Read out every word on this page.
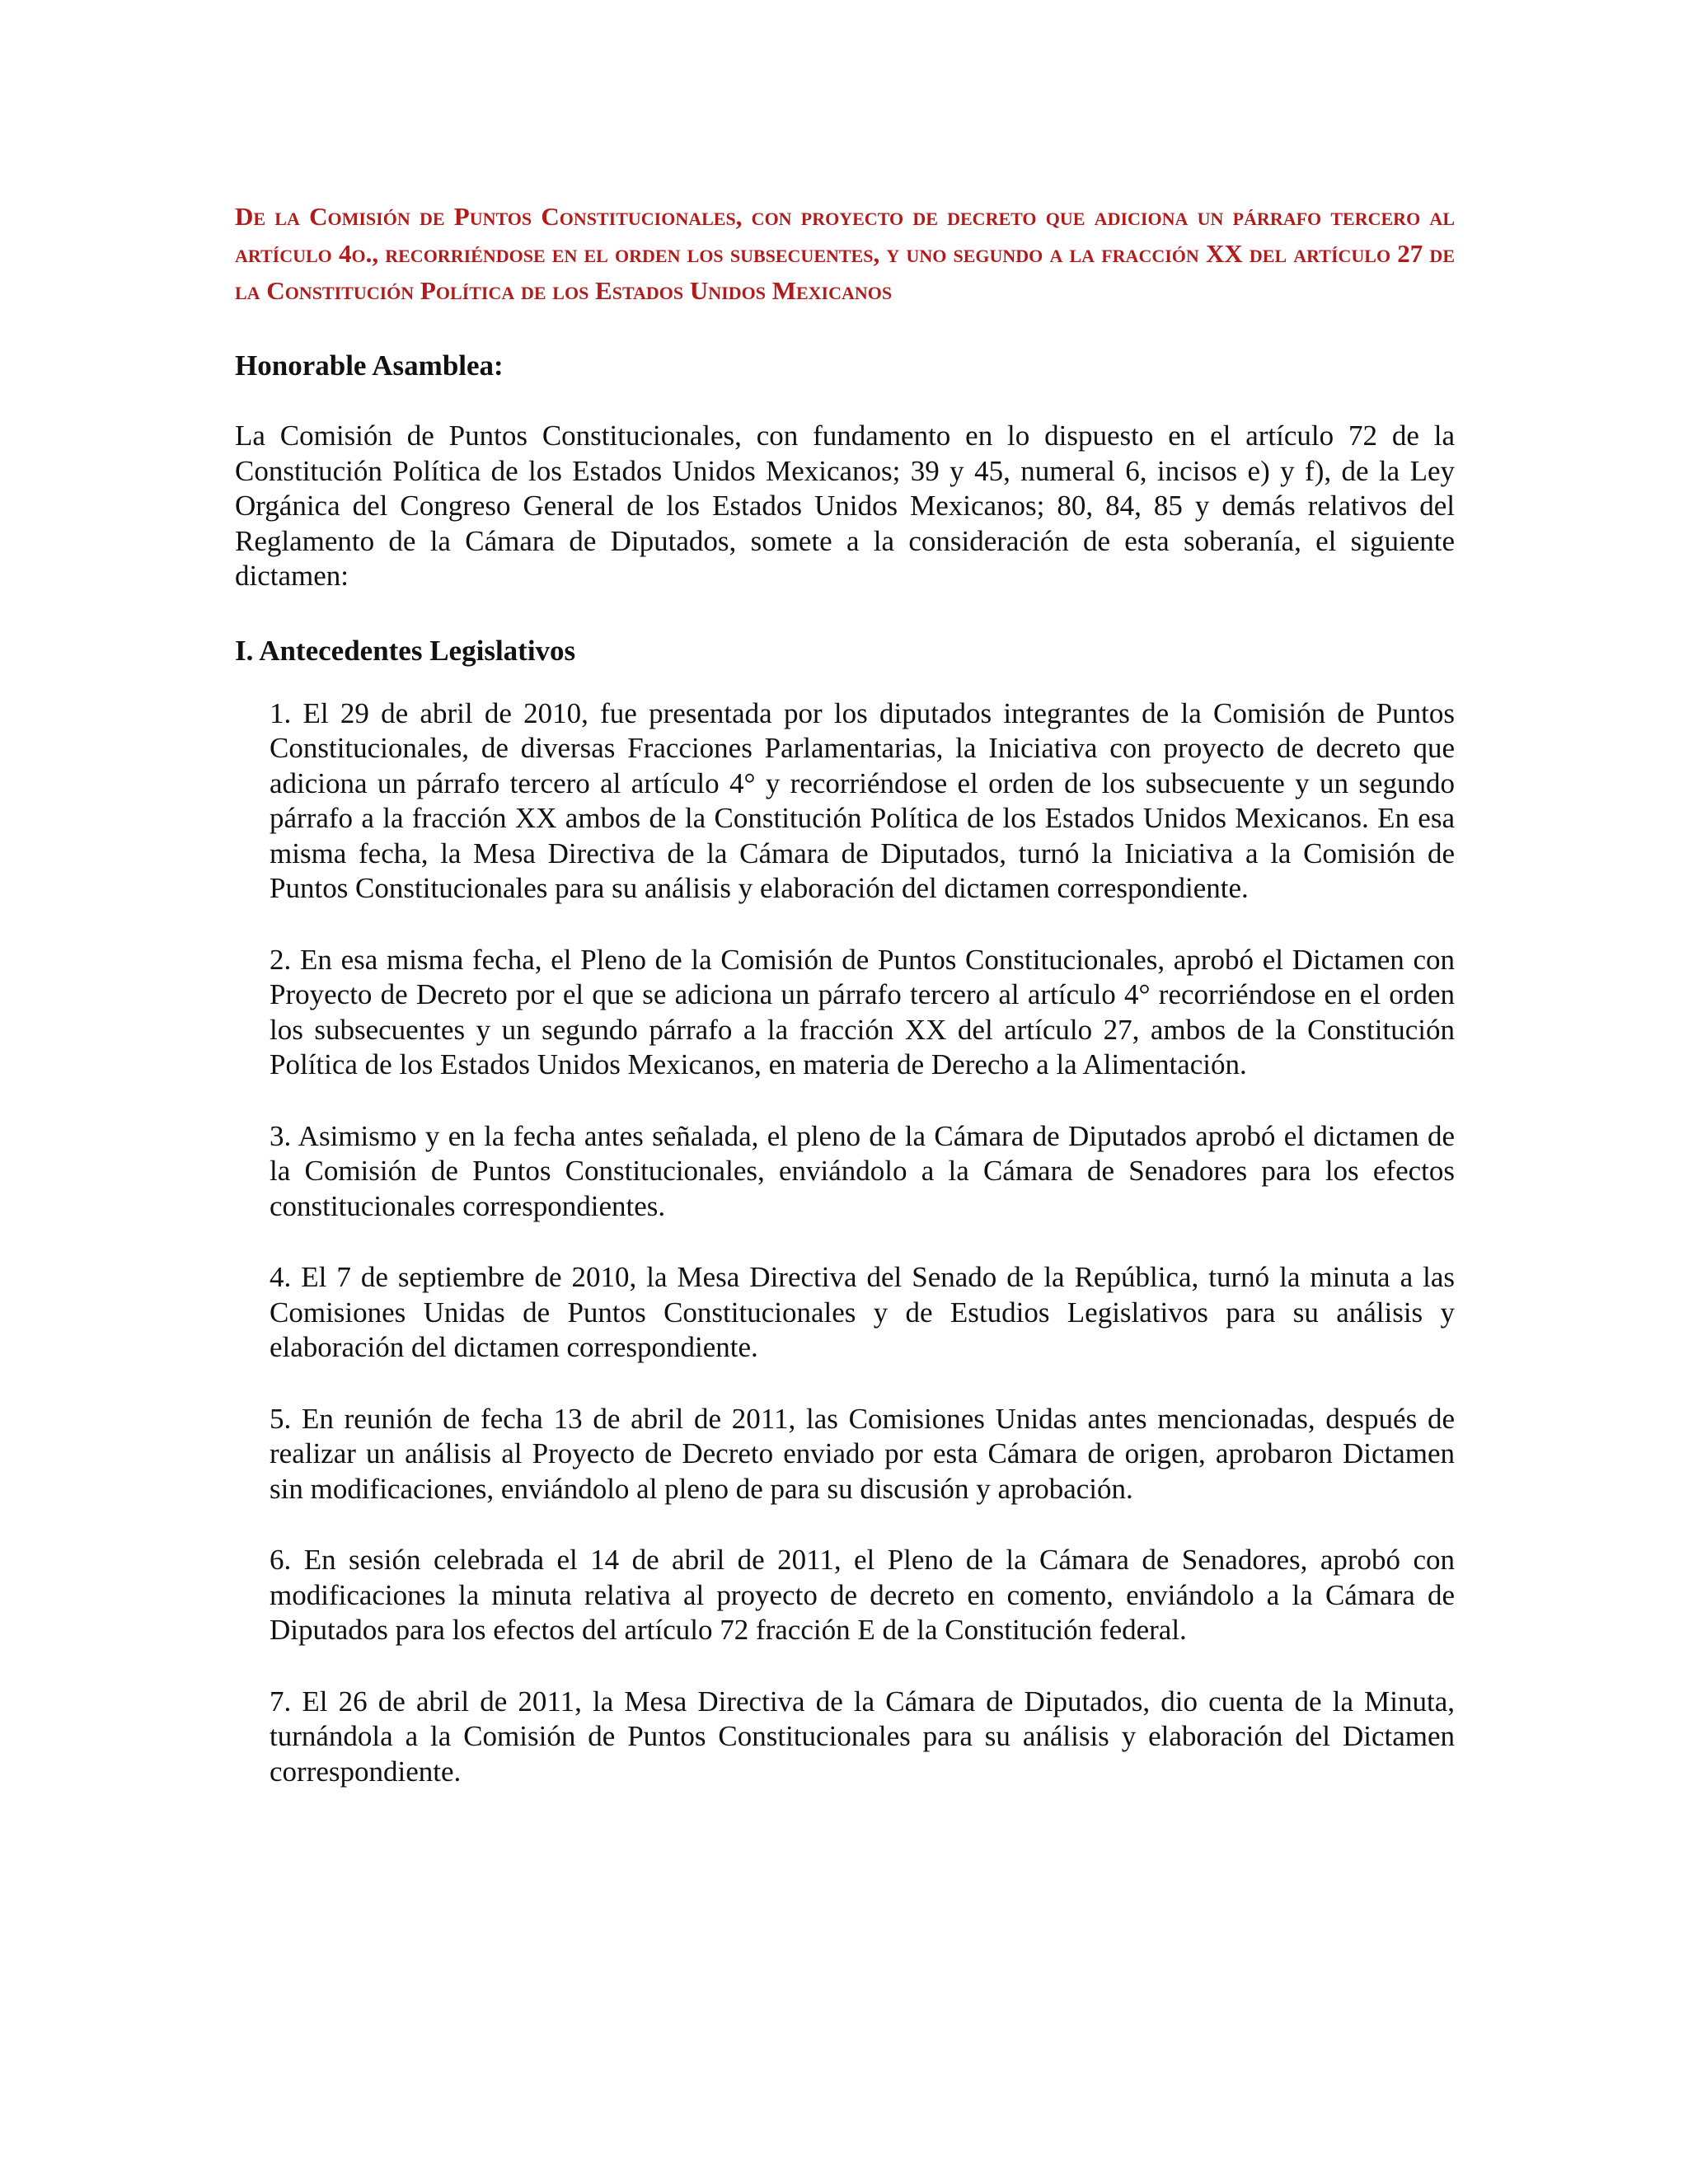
De la Comisión de Puntos Constitucionales, con proyecto de decreto que adiciona un párrafo tercero al artículo 4o., recorriéndose en el orden los subsecuentes, y uno segundo a la fracción XX del artículo 27 de la Constitución Política de los Estados Unidos Mexicanos

Honorable Asamblea:

La Comisión de Puntos Constitucionales, con fundamento en lo dispuesto en el artículo 72 de la Constitución Política de los Estados Unidos Mexicanos; 39 y 45, numeral 6, incisos e) y f), de la Ley Orgánica del Congreso General de los Estados Unidos Mexicanos; 80, 84, 85 y demás relativos del Reglamento de la Cámara de Diputados, somete a la consideración de esta soberanía, el siguiente dictamen:

I. Antecedentes Legislativos
1. El 29 de abril de 2010, fue presentada por los diputados integrantes de la Comisión de Puntos Constitucionales, de diversas Fracciones Parlamentarias, la Iniciativa con proyecto de decreto que adiciona un párrafo tercero al artículo 4° y recorriéndose el orden de los subsecuente y un segundo párrafo a la fracción XX ambos de la Constitución Política de los Estados Unidos Mexicanos. En esa misma fecha, la Mesa Directiva de la Cámara de Diputados, turnó la Iniciativa a la Comisión de Puntos Constitucionales para su análisis y elaboración del dictamen correspondiente.
2. En esa misma fecha, el Pleno de la Comisión de Puntos Constitucionales, aprobó el Dictamen con Proyecto de Decreto por el que se adiciona un párrafo tercero al artículo 4° recorriéndose en el orden los subsecuentes y un segundo párrafo a la fracción XX del artículo 27, ambos de la Constitución Política de los Estados Unidos Mexicanos, en materia de Derecho a la Alimentación.
3. Asimismo y en la fecha antes señalada, el pleno de la Cámara de Diputados aprobó el dictamen de la Comisión de Puntos Constitucionales, enviándolo a la Cámara de Senadores para los efectos constitucionales correspondientes.
4. El 7 de septiembre de 2010, la Mesa Directiva del Senado de la República, turnó la minuta a las Comisiones Unidas de Puntos Constitucionales y de Estudios Legislativos para su análisis y elaboración del dictamen correspondiente.
5. En reunión de fecha 13 de abril de 2011, las Comisiones Unidas antes mencionadas, después de realizar un análisis al Proyecto de Decreto enviado por esta Cámara de origen, aprobaron Dictamen sin modificaciones, enviándolo al pleno de para su discusión y aprobación.
6. En sesión celebrada el 14 de abril de 2011, el Pleno de la Cámara de Senadores, aprobó con modificaciones la minuta relativa al proyecto de decreto en comento, enviándolo a la Cámara de Diputados para los efectos del artículo 72 fracción E de la Constitución federal.
7. El 26 de abril de 2011, la Mesa Directiva de la Cámara de Diputados, dio cuenta de la Minuta, turnándola a la Comisión de Puntos Constitucionales para su análisis y elaboración del Dictamen correspondiente.
